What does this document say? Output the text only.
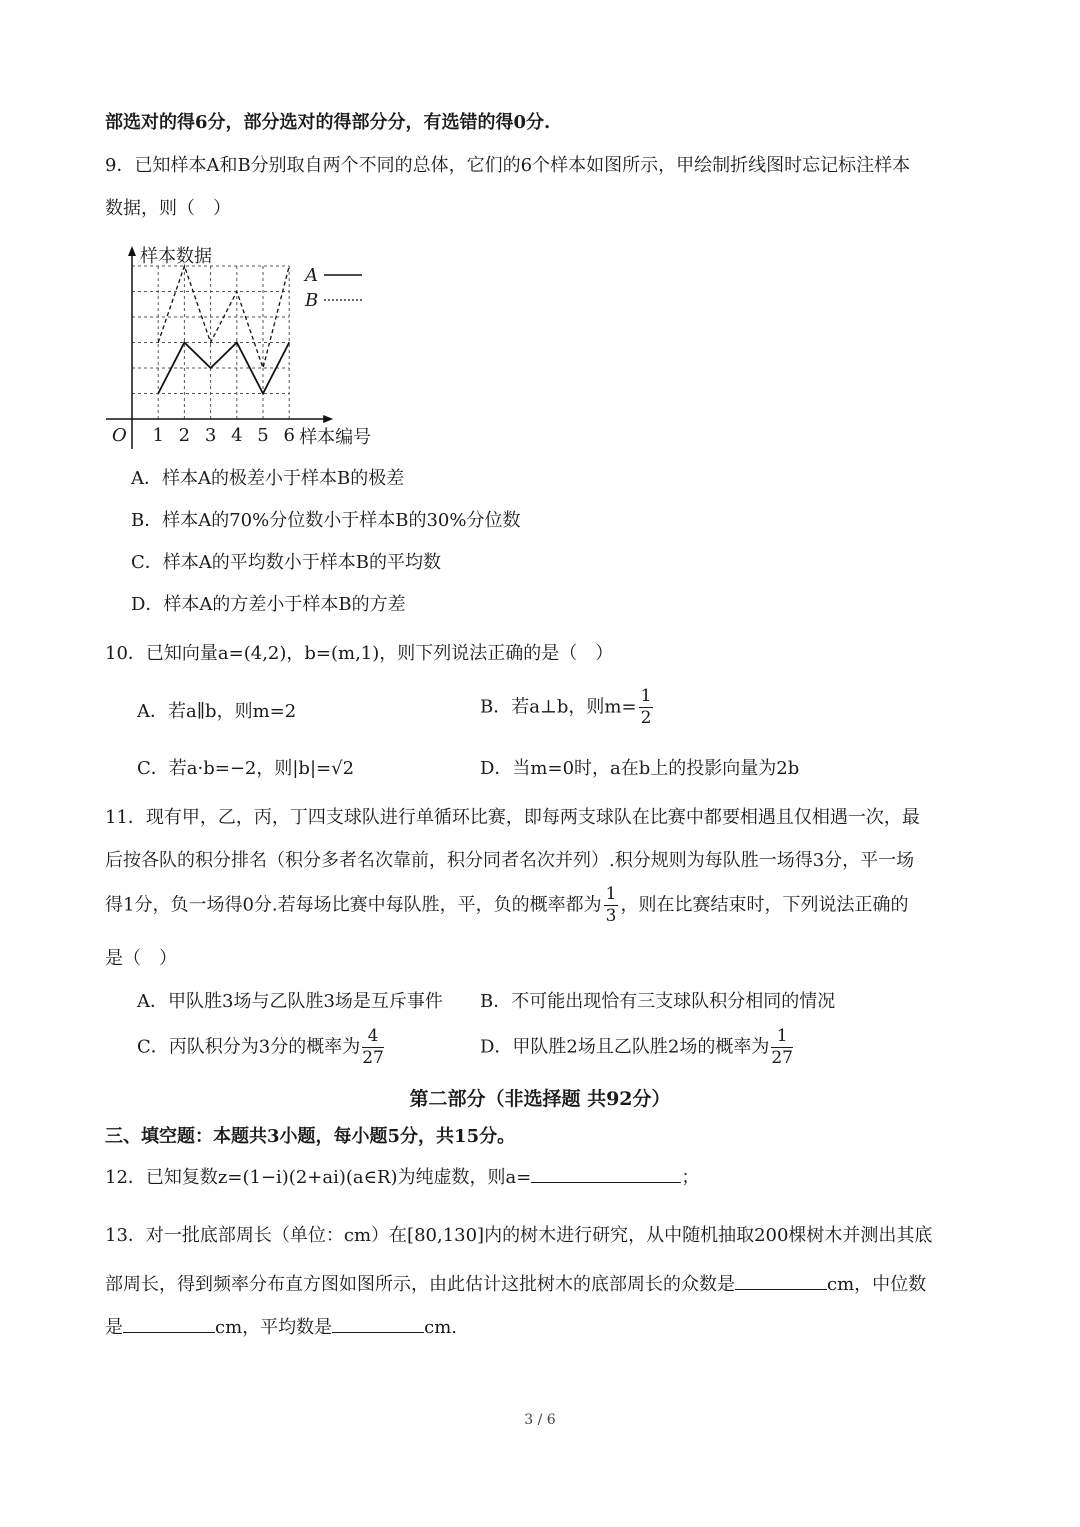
部选对的得6分，部分选对的得部分分，有选错的得0分.
9．已知样本A和B分别取自两个不同的总体，它们的6个样本如图所示，甲绘制折线图时忘记标注样本
数据，则（　）
1 2 3 4 5 6
O
样本数据
样本编号
A
B
A．样本A的极差小于样本B的极差
B．样本A的70%分位数小于样本B的30%分位数
C．样本A的平均数小于样本B的平均数
D．样本A的方差小于样本B的方差
10．已知向量a=(4,2)，b=(m,1)，则下列说法正确的是（　）
A．若a∥b，则m=2	B．若a⊥b，则$m= \frac{1}{2}$
C．若a·b=−2，则|b|=√2	D．当m=0时，a在b上的投影向量为2b
11．现有甲，乙，丙，丁四支球队进行单循环比赛，即每两支球队在比赛中都要相遇且仅相遇一次，最
后按各队的积分排名（积分多者名次靠前，积分同者名次并列）.积分规则为每队胜一场得3分，平一场
得1分，负一场得0分.若每场比赛中每队胜，平，负的概率都为 $\frac{1}{3}$ ，则在比赛结束时，下列说法正确的
是（　）
A．甲队胜3场与乙队胜3场是互斥事件 B．不可能出现恰有三支球队积分相同的情况
C．丙队积分为3分的概率为 $\frac{4}{27}$	D．甲队胜2场且乙队胜2场的概率为 $\frac{1}{27}$
第二部分（非选择题 共92分）
三、填空题：本题共3小题，每小题5分，共15分。
12．已知复数z=(1−i)(2+ai)(a∈R)为纯虚数，则a=	；
13．对一批底部周长（单位：cm）在[80,130]内的树木进行研究，从中随机抽取200棵树木并测出其底
部周长，得到频率分布直方图如图所示，由此估计这批树木的底部周长的众数是	cm，中位数
是	cm，平均数是	cm.
3 / 6
